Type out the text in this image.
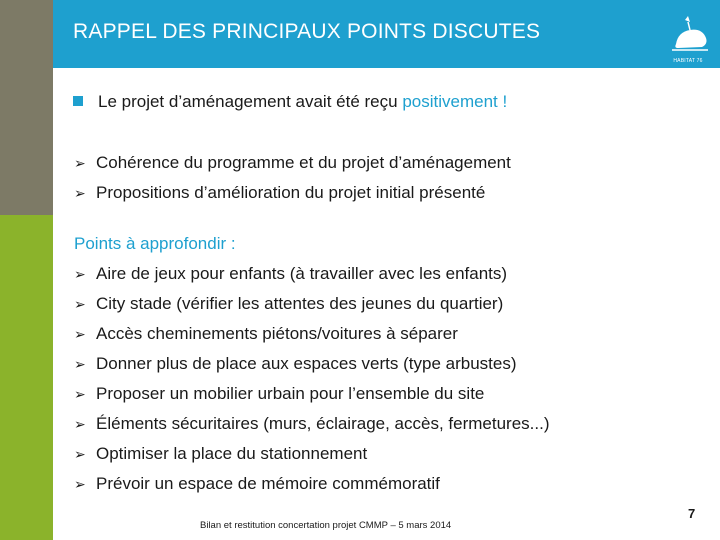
RAPPEL DES PRINCIPAUX POINTS DISCUTES
HABITAT 76
Le projet d’aménagement avait été reçu positivement !
➢ Cohérence du programme et du projet d’aménagement
➢ Propositions d’amélioration du projet initial présenté
Points à approfondir :
➢ Aire de jeux pour enfants (à travailler avec les enfants)
➢ City stade (vérifier les attentes des jeunes du quartier)
➢ Accès cheminements piétons/voitures à séparer
➢ Donner plus de place aux espaces verts (type arbustes)
➢ Proposer un mobilier urbain pour l’ensemble du site
➢ Éléments sécuritaires (murs, éclairage, accès, fermetures...)
➢ Optimiser la place du stationnement
➢ Prévoir un espace de mémoire commémoratif
Bilan et restitution concertation projet CMMP – 5 mars 2014
7
